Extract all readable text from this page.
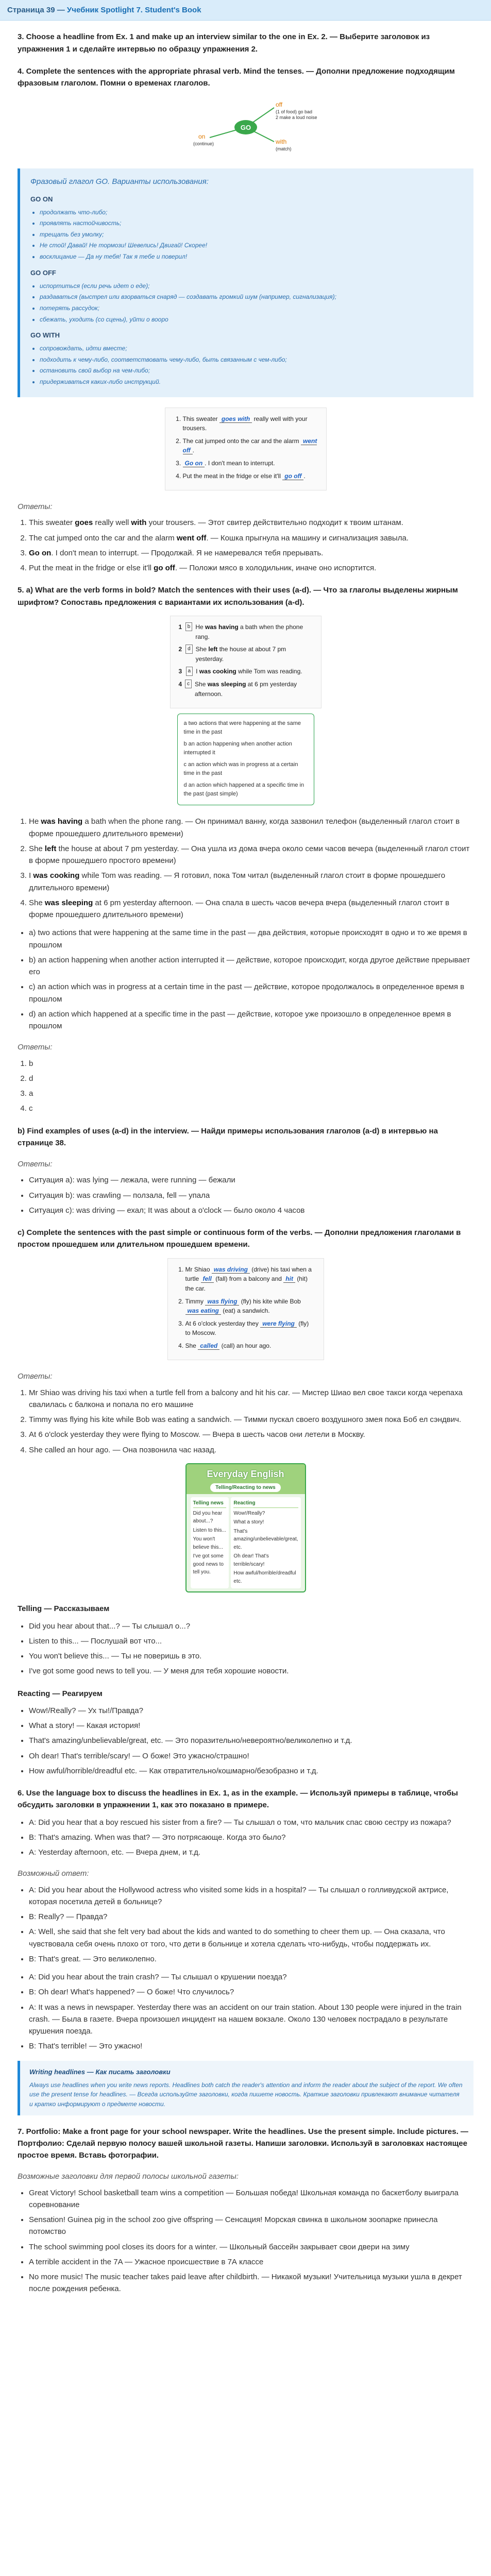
Страница 39 — Учебник Spotlight 7. Student's Book

3. Choose a headline from Ex. 1 and make up an interview similar to the one in Ex. 2. — Выберите заголовок из упражнения 1 и сделайте интервью по образцу упражнения 2.

4. Complete the sentences with the appropriate phrasal verb. Mind the tenses. — Дополни предложение подходящим фразовым глаголом. Помни о временах глаголов.

GO
off
(1 of food) go bad
2 make a loud noise
on
(continue)	with
(match)
Фразовый глагол GO. Варианты использования:
GO ON
• продолжать что-либо;
• проявлять настойчивость;
• трещать без умолку;
• Не стой! Давай! Не тормози! Шевелись! Двигай! Скорее!
• восклицание — Да ну тебя! Так я тебе и поверил!
GO OFF
• испортиться (если речь идет о еде);
• раздаваться (выстрел или взорваться снаряд — создавать громкий шум (например, сигнализация);
• потерять рассудок;
• сбежать, уходить (со сцены), уйти о вооро
GO WITH
• сопровождать, идти вместе;
• подходить к чему-либо, соответствовать чему-либо, быть связанным с чем-либо;
• остановить свой выбор на чем-либо;
• придерживаться каких-либо инструкций.
1. This sweater goes with really well with your trousers.
2. The cat jumped onto the car and the alarm went off .
3. Go on . I don't mean to interrupt.
4. Put the meat in the fridge or else it'll go off .

Ответы:

1. This sweater goes really well with your trousers. — Этот свитер действительно подходит к твоим штанам.
2. The cat jumped onto the car and the alarm went off. — Кошка прыгнула на машину и сигнализация завыла.
3. Go on. I don't mean to interrupt. — Продолжай. Я не намеревался тебя прерывать.
4. Put the meat in the fridge or else it'll go off. — Положи мясо в холодильник, иначе оно испортится.

5. a) What are the verb forms in bold? Match the sentences with their uses (a-d). — Что за глаголы выделены жирным шрифтом? Сопоставь предложения с вариантами их использования (a-d).

1	b He was having a bath when the phone rang.
2	d She left the house at about 7 pm yesterday.
3	a I was cooking while Tom was reading.
4 c She was sleeping at 6 pm yesterday afternoon.
a two actions that were happening at the same time in the past
b an action happening when another action interrupted it
c an action which was in progress at a certain time in the past
d an action which happened at a specific time in the past (past simple)
1. He was having a bath when the phone rang. — Он принимал ванну, когда зазвонил телефон (выделенный глагол стоит в форме прошедшего длительного времени)
2. She left the house at about 7 pm yesterday. — Она ушла из дома вчера около семи часов вечера (выделенный глагол стоит в форме прошедшего простого времени)
3. I was cooking while Tom was reading. — Я готовил, пока Том читал (выделенный глагол стоит в форме прошедшего длительного времени)
4. She was sleeping at 6 pm yesterday afternoon. — Она спала в шесть часов вечера вчера (выделенный глагол стоит в форме прошедшего длительного времени)
• a) two actions that were happening at the same time in the past — два действия, которые происходят в одно и то же время в прошлом
• b) an action happening when another action interrupted it — действие, которое происходит, когда другое действие прерывает его
• c) an action which was in progress at a certain time in the past — действие, которое продолжалось в определенное время в прошлом
• d) an action which happened at a specific time in the past — действие, которое уже произошло в определенное время в прошлом

Ответы:

1. b
2. d
3. a
4. c

b) Find examples of uses (a-d) in the interview. — Найди примеры использования глаголов (a-d) в интервью на странице 38.

Ответы:

• Ситуация a): was lying — лежала, were running — бежали
• Ситуация b): was crawling — ползала, fell — упала
• Ситуация c): was driving — ехал; It was about a o'clock — было около 4 часов

c) Complete the sentences with the past simple or continuous form of the verbs. — Дополни предложения глаголами в простом прошедшем или длительном прошедшем времени.

1. Mr Shiao was driving (drive) his taxi when a turtle fell (fall) from a balcony and hit (hit) the car.
2. Timmy was flying (fly) his kite while Bob was eating (eat) a sandwich.
3. At 6 o'clock yesterday they were flying (fly) to Moscow.
4. She called (call) an hour ago.

Ответы:

1. Mr Shiao was driving his taxi when a turtle fell from a balcony and hit his car. — Мистер Шиао вел свое такси когда черепаха свалилась с балкона и попала по его машине
2. Timmy was flying his kite while Bob was eating a sandwich. — Тимми пускал своего воздушного змея пока Боб ел сэндвич.
3. At 6 o'clock yesterday they were flying to Moscow. — Вчера в шесть часов они летели в Москву.
4. She called an hour ago. — Она позвонила час назад.
Everyday English
Telling/Reacting to news
Telling news
Did you hear about...?
Listen to this...
You won't believe this...
I've got some good news to tell you.
Reacting
Wow!/Really?
What a story!
That's amazing/unbelievable/great, etc.
Oh dear! That's terrible/scary!
How awful/horrible/dreadful etc.

Telling — Рассказываем

• Did you hear about that...? — Ты слышал о...?
• Listen to this... — Послушай вот что...
• You won't believe this... — Ты не поверишь в это.
• I've got some good news to tell you. — У меня для тебя хорошие новости.

Reacting — Реагируем

• Wow!/Really? — Ух ты!/Правда?
• What a story! — Какая история!
• That's amazing/unbelievable/great, etc. — Это поразительно/невероятно/великолепно и т.д.
• Oh dear! That's terrible/scary! — О боже! Это ужасно/страшно!
• How awful/horrible/dreadful etc. — Как отвратительно/кошмарно/безобразно и т.д.

6. Use the language box to discuss the headlines in Ex. 1, as in the example. — Используй примеры в таблице, чтобы обсудить заголовки в упражнении 1, как это показано в примере.

• A: Did you hear that a boy rescued his sister from a fire? — Ты слышал о том, что мальчик спас свою сестру из пожара?
• B: That's amazing. When was that? — Это потрясающе. Когда это было?
• A: Yesterday afternoon, etc. — Вчера днем, и т.д.

Возможный ответ:

• A: Did you hear about the Hollywood actress who visited some kids in a hospital? — Ты слышал о голливудской актрисе, которая посетила детей в больнице?
• B: Really? — Правда?
• A: Well, she said that she felt very bad about the kids and wanted to do something to cheer them up. — Она сказала, что чувствовала себя очень плохо от того, что дети в больнице и хотела сделать что-нибудь, чтобы поддержать их.
• B: That's great. — Это великолепно.
• A: Did you hear about the train crash? — Ты слышал о крушении поезда?
• B: Oh dear! What's happened? — О боже! Что случилось?
• A: It was a news in newspaper. Yesterday there was an accident on our train station. About 130 people were injured in the train crash. — Была в газете. Вчера произошел инцидент на нашем вокзале. Около 130 человек пострадало в результате крушения поезда.
• B: That's terrible! — Это ужасно!
Writing headlines — Как писать заголовки
Always use headlines when you write news reports. Headlines both catch the reader's attention and inform the reader about the subject of the report. We often use the present tense for headlines. — Всегда используйте заголовки, когда пишете новость. Краткие заголовки привлекают внимание читателя и кратко информируют о предмете новости.

7. Portfolio: Make a front page for your school newspaper. Write the headlines. Use the present simple. Include pictures. — Портфолио: Сделай первую полосу вашей школьной газеты. Напиши заголовки. Используй в заголовках настоящее простое время. Вставь фотографии.

Возможные заголовки для первой полосы школьной газеты:

• Great Victory! School basketball team wins a competition — Большая победа! Школьная команда по баскетболу выиграла соревнование
• Sensation! Guinea pig in the school zoo give offspring — Сенсация! Морская свинка в школьном зоопарке принесла потомство
• The school swimming pool closes its doors for a winter. — Школьный бассейн закрывает свои двери на зиму
• A terrible accident in the 7A — Ужасное происшествие в 7А классе
• No more music! The music teacher takes paid leave after childbirth. — Никакой музыки! Учительница музыки ушла в декрет после рождения ребенка.
